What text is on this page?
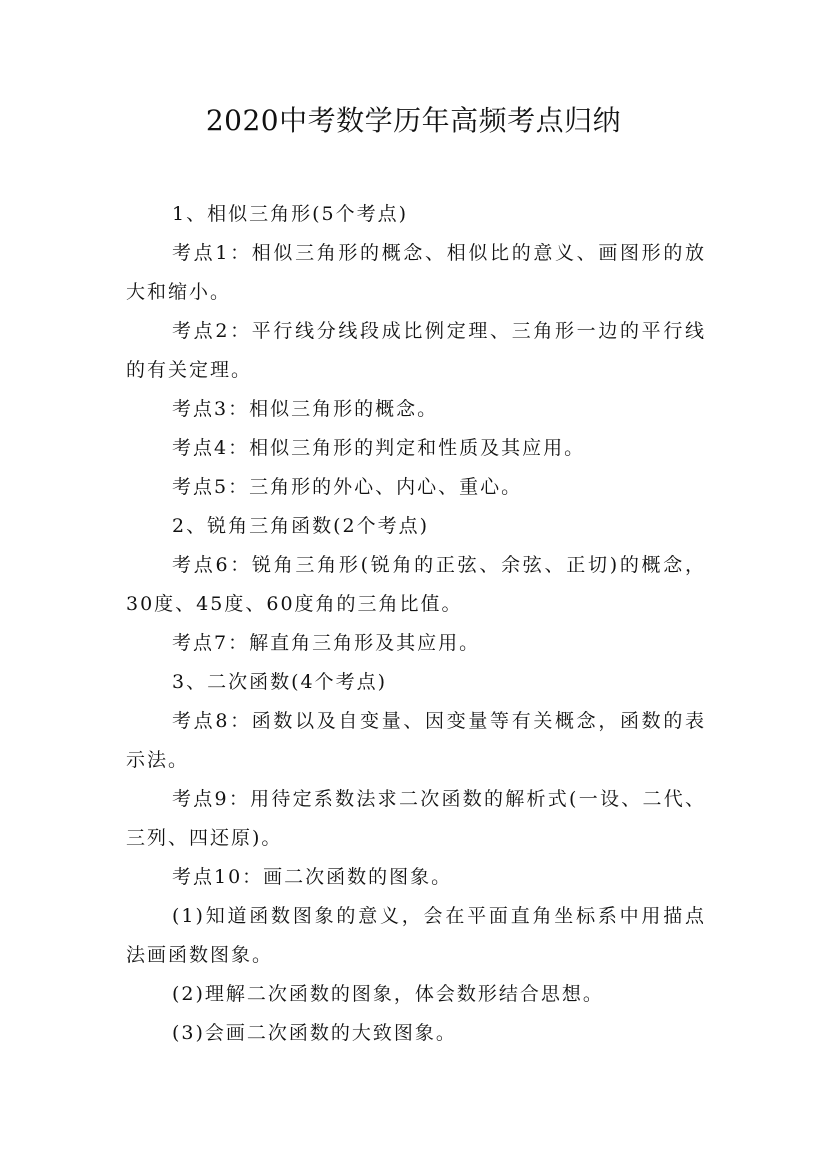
2020中考数学历年高频考点归纳

1、相似三角形(5个考点)

考点1：相似三角形的概念、相似比的意义、画图形的放大和缩小。

考点2：平行线分线段成比例定理、三角形一边的平行线的有关定理。

考点3：相似三角形的概念。

考点4：相似三角形的判定和性质及其应用。

考点5：三角形的外心、内心、重心。

2、锐角三角函数(2个考点)

考点6：锐角三角形(锐角的正弦、余弦、正切)的概念，30度、45度、60度角的三角比值。

考点7：解直角三角形及其应用。

3、二次函数(4个考点)

考点8：函数以及自变量、因变量等有关概念，函数的表示法。

考点9：用待定系数法求二次函数的解析式(一设、二代、三列、四还原)。

考点10：画二次函数的图象。

(1)知道函数图象的意义，会在平面直角坐标系中用描点法画函数图象。

(2)理解二次函数的图象，体会数形结合思想。

(3)会画二次函数的大致图象。
